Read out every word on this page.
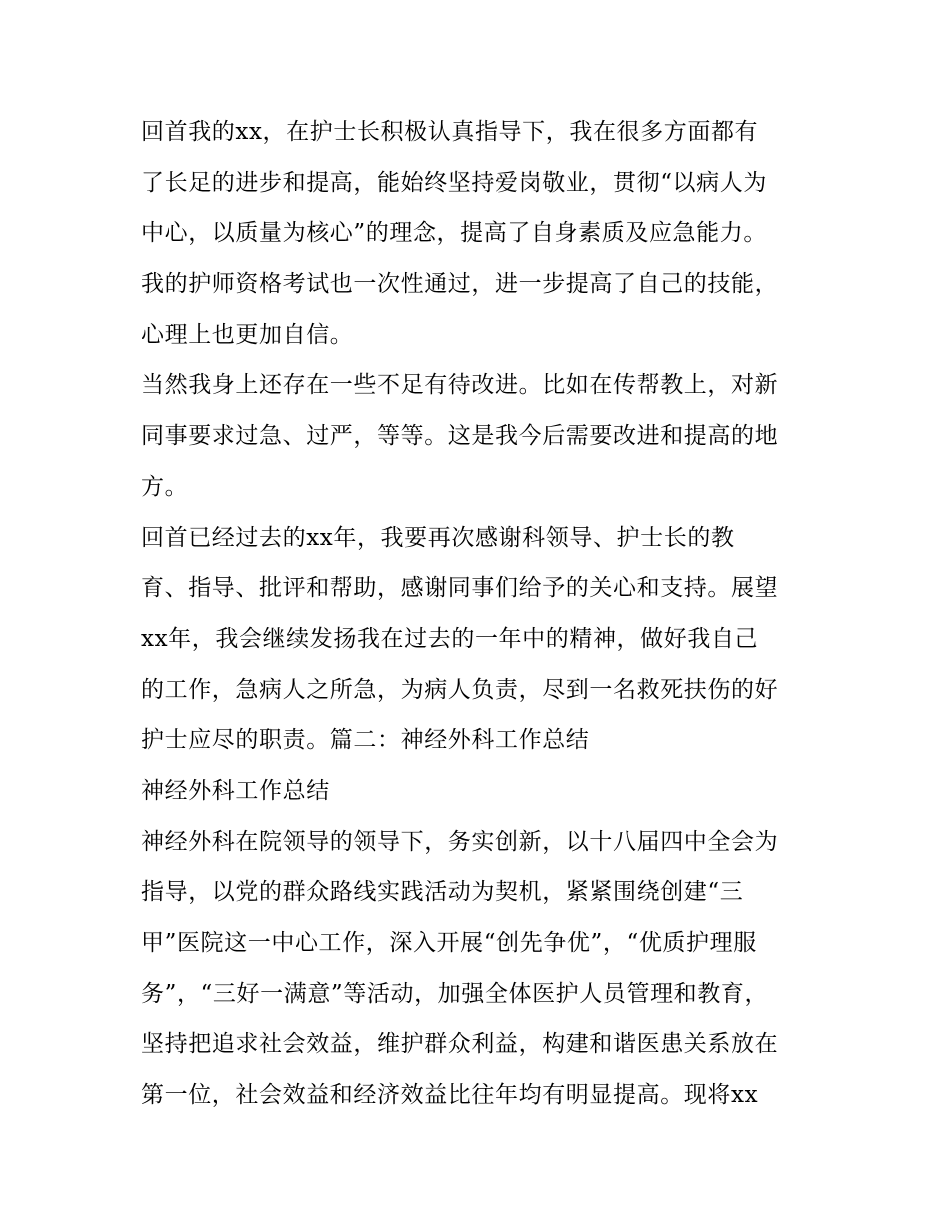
回首我的xx，在护士长积极认真指导下，我在很多方面都有
了长足的进步和提高，能始终坚持爱岗敬业，贯彻“以病人为
中心，以质量为核心”的理念，提高了自身素质及应急能力。
我的护师资格考试也一次性通过，进一步提高了自己的技能，
心理上也更加自信。
当然我身上还存在一些不足有待改进。比如在传帮教上，对新
同事要求过急、过严，等等。这是我今后需要改进和提高的地
方。
回首已经过去的xx年，我要再次感谢科领导、护士长的教
育、指导、批评和帮助，感谢同事们给予的关心和支持。展望
xx年，我会继续发扬我在过去的一年中的精神，做好我自己
的工作，急病人之所急，为病人负责，尽到一名救死扶伤的好
护士应尽的职责。篇二：神经外科工作总结
神经外科工作总结
神经外科在院领导的领导下，务实创新，以十八届四中全会为
指导，以党的群众路线实践活动为契机，紧紧围绕创建“三
甲”医院这一中心工作，深入开展“创先争优”，“优质护理服
务”，“三好一满意”等活动，加强全体医护人员管理和教育，
坚持把追求社会效益，维护群众利益，构建和谐医患关系放在
第一位，社会效益和经济效益比往年均有明显提高。现将xx
